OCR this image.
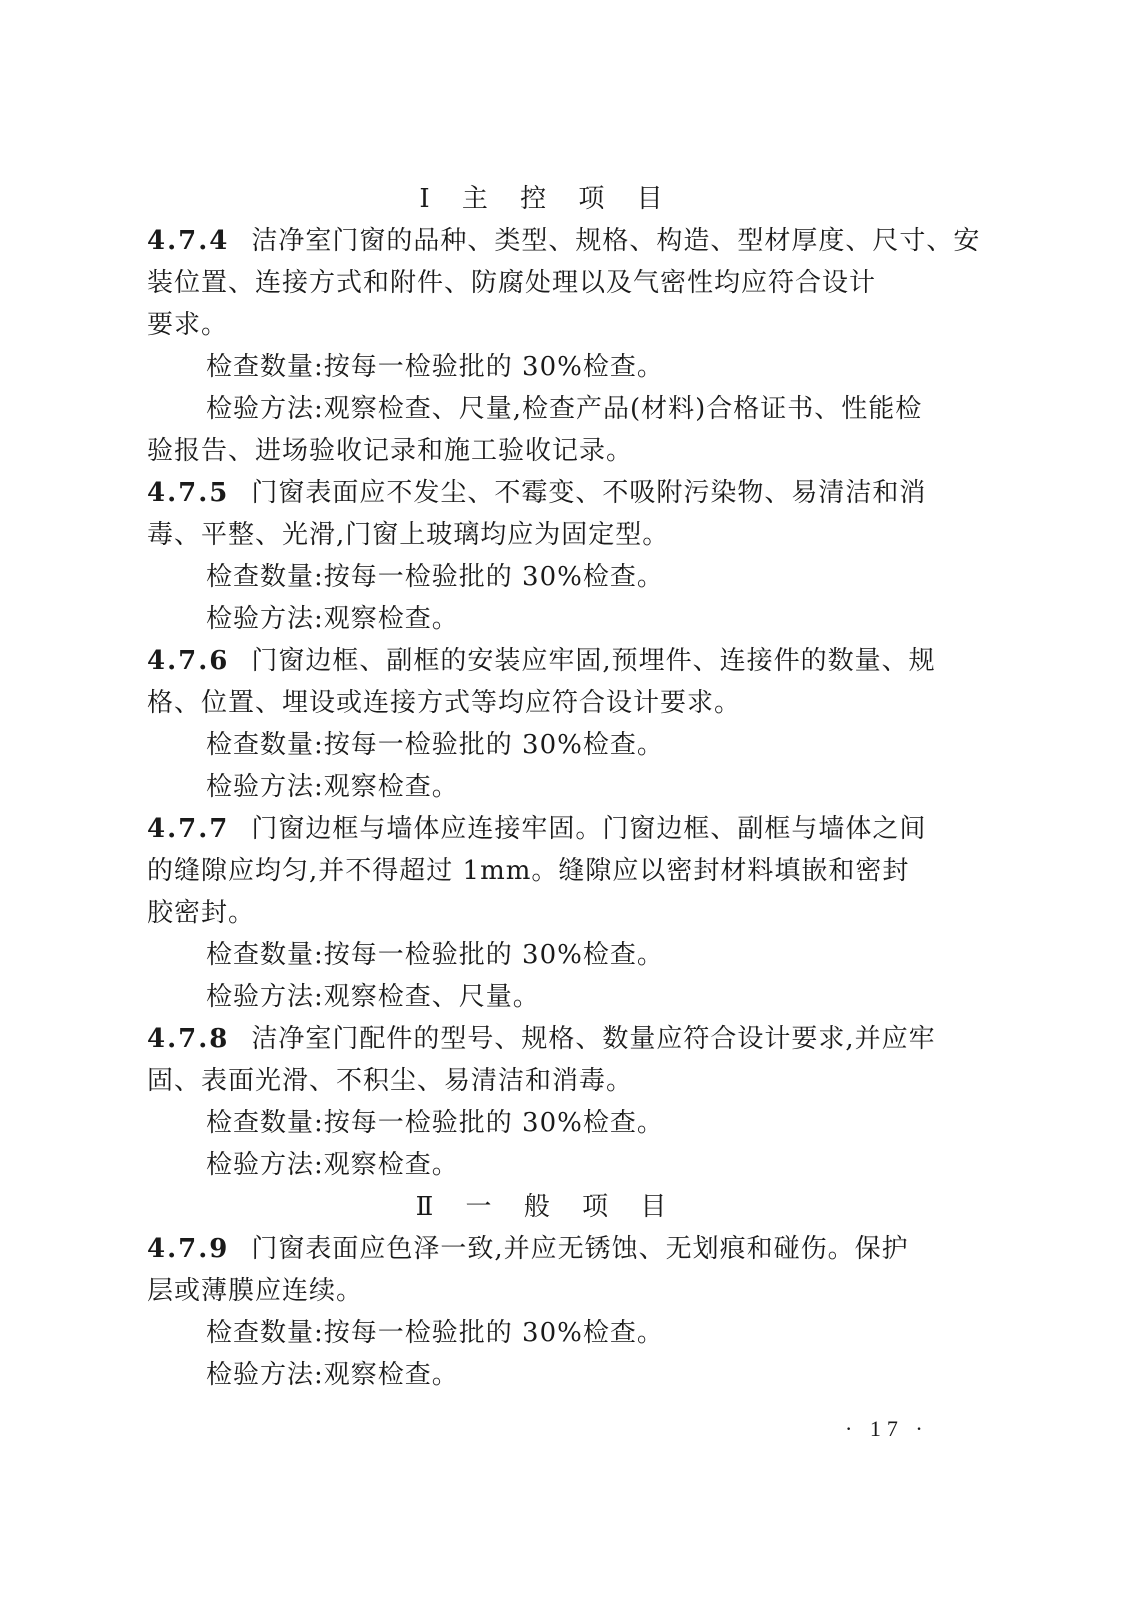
Ⅰ 主 控 项 目
4.7.4 洁净室门窗的品种、类型、规格、构造、型材厚度、尺寸、安
装位置、连接方式和附件、防腐处理以及气密性均应符合设计
要求。
检查数量:按每一检验批的 30%检查。
检验方法:观察检查、尺量,检查产品(材料)合格证书、性能检
验报告、进场验收记录和施工验收记录。
4.7.5 门窗表面应不发尘、不霉变、不吸附污染物、易清洁和消
毒、平整、光滑,门窗上玻璃均应为固定型。
检查数量:按每一检验批的 30%检查。
检验方法:观察检查。
4.7.6 门窗边框、副框的安装应牢固,预埋件、连接件的数量、规
格、位置、埋设或连接方式等均应符合设计要求。
检查数量:按每一检验批的 30%检查。
检验方法:观察检查。
4.7.7 门窗边框与墙体应连接牢固。门窗边框、副框与墙体之间
的缝隙应均匀,并不得超过 1mm。缝隙应以密封材料填嵌和密封
胶密封。
检查数量:按每一检验批的 30%检查。
检验方法:观察检查、尺量。
4.7.8 洁净室门配件的型号、规格、数量应符合设计要求,并应牢
固、表面光滑、不积尘、易清洁和消毒。
检查数量:按每一检验批的 30%检查。
检验方法:观察检查。
Ⅱ 一 般 项 目
4.7.9 门窗表面应色泽一致,并应无锈蚀、无划痕和碰伤。保护
层或薄膜应连续。
检查数量:按每一检验批的 30%检查。
检验方法:观察检查。
· 17 ·
